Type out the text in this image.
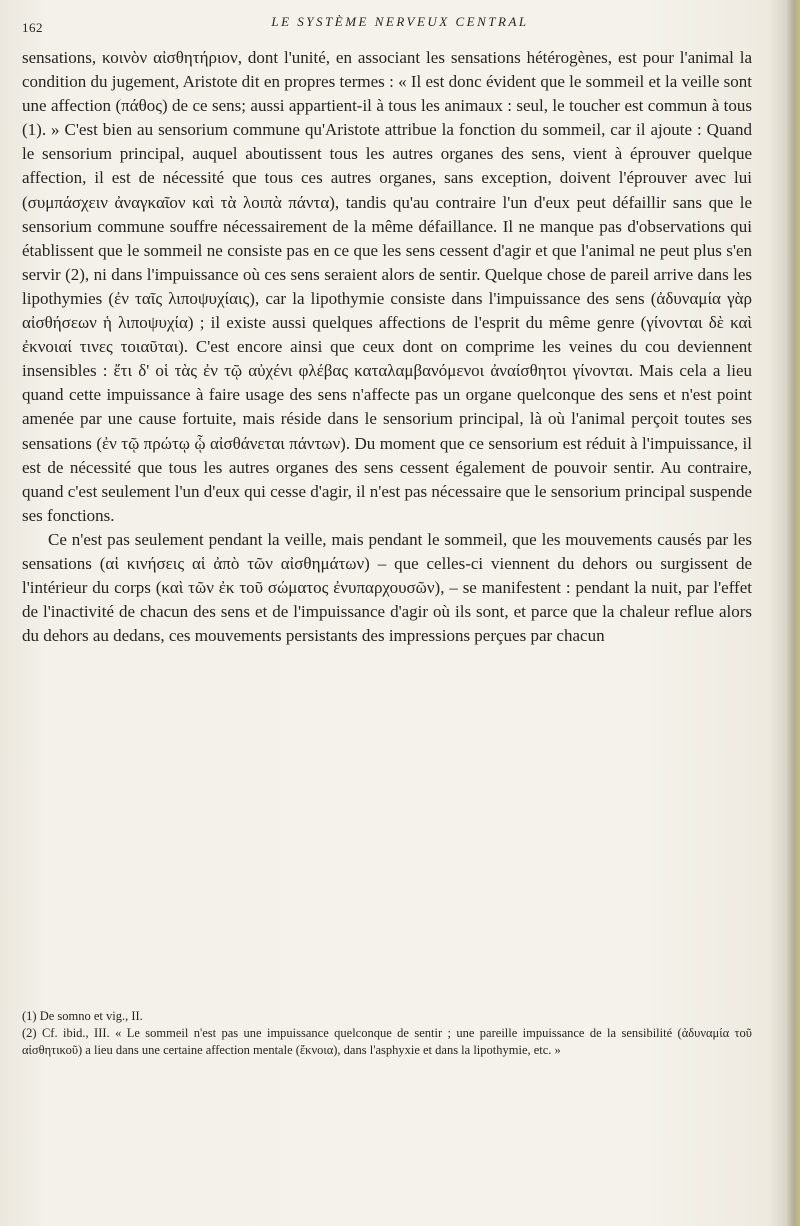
162	LE SYSTÈME NERVEUX CENTRAL

sensations, κοινὸν αἰσθητήριον, dont l'unité, en associant les sensations hétérogènes, est pour l'animal la condition du jugement, Aristote dit en propres termes : « Il est donc évident que le sommeil et la veille sont une affection (πάθος) de ce sens; aussi appartient-il à tous les animaux : seul, le toucher est commun à tous (1). » C'est bien au sensorium commune qu'Aristote attribue la fonction du sommeil, car il ajoute : Quand le sensorium principal, auquel aboutissent tous les autres organes des sens, vient à éprouver quelque affection, il est de nécessité que tous ces autres organes, sans exception, doivent l'éprouver avec lui (συμπάσχειν ἀναγκαῖον καὶ τὰ λοιπὰ πάντα), tandis qu'au contraire l'un d'eux peut défaillir sans que le sensorium commune souffre nécessairement de la même défaillance. Il ne manque pas d'observations qui établissent que le sommeil ne consiste pas en ce que les sens cessent d'agir et que l'animal ne peut plus s'en servir (2), ni dans l'impuissance où ces sens seraient alors de sentir. Quelque chose de pareil arrive dans les lipothymies (ἐν ταῖς λιποψυχίαις), car la lipothymie consiste dans l'impuissance des sens (ἀδυναμία γὰρ αἰσθήσεων ἡ λιποψυχία) ; il existe aussi quelques affections de l'esprit du même genre (γίνονται δὲ καὶ ἐκνοιαί τινες τοιαῦται). C'est encore ainsi que ceux dont on comprime les veines du cou deviennent insensibles : ἔτι δ' οἱ τὰς ἐν τῷ αὐχένι φλέβας καταλαμβανόμενοι ἀναίσθητοι γίνονται. Mais cela a lieu quand cette impuissance à faire usage des sens n'affecte pas un organe quelconque des sens et n'est point amenée par une cause fortuite, mais réside dans le sensorium principal, là où l'animal perçoit toutes ses sensations (ἐν τῷ πρώτῳ ᾧ αἰσθάνεται πάντων). Du moment que ce sensorium est réduit à l'impuissance, il est de nécessité que tous les autres organes des sens cessent également de pouvoir sentir. Au contraire, quand c'est seulement l'un d'eux qui cesse d'agir, il n'est pas nécessaire que le sensorium principal suspende ses fonctions.

Ce n'est pas seulement pendant la veille, mais pendant le sommeil, que les mouvements causés par les sensations (αἱ κινήσεις αἱ ἀπὸ τῶν αἰσθημάτων) – que celles-ci viennent du dehors ou surgissent de l'intérieur du corps (καὶ τῶν ἐκ τοῦ σώματος ἐνυπαρχουσῶν), – se manifestent : pendant la nuit, par l'effet de l'inactivité de chacun des sens et de l'impuissance d'agir où ils sont, et parce que la chaleur reflue alors du dehors au dedans, ces mouvements persistants des impressions perçues par chacun

(1) De somno et vig., II.

(2) Cf. ibid., III. « Le sommeil n'est pas une impuissance quelconque de sentir ; une pareille impuissance de la sensibilité (ἀδυναμία τοῦ αἰσθητικοῦ) a lieu dans une certaine affection mentale (ἔκνοια), dans l'asphyxie et dans la lipothymie, etc. »
